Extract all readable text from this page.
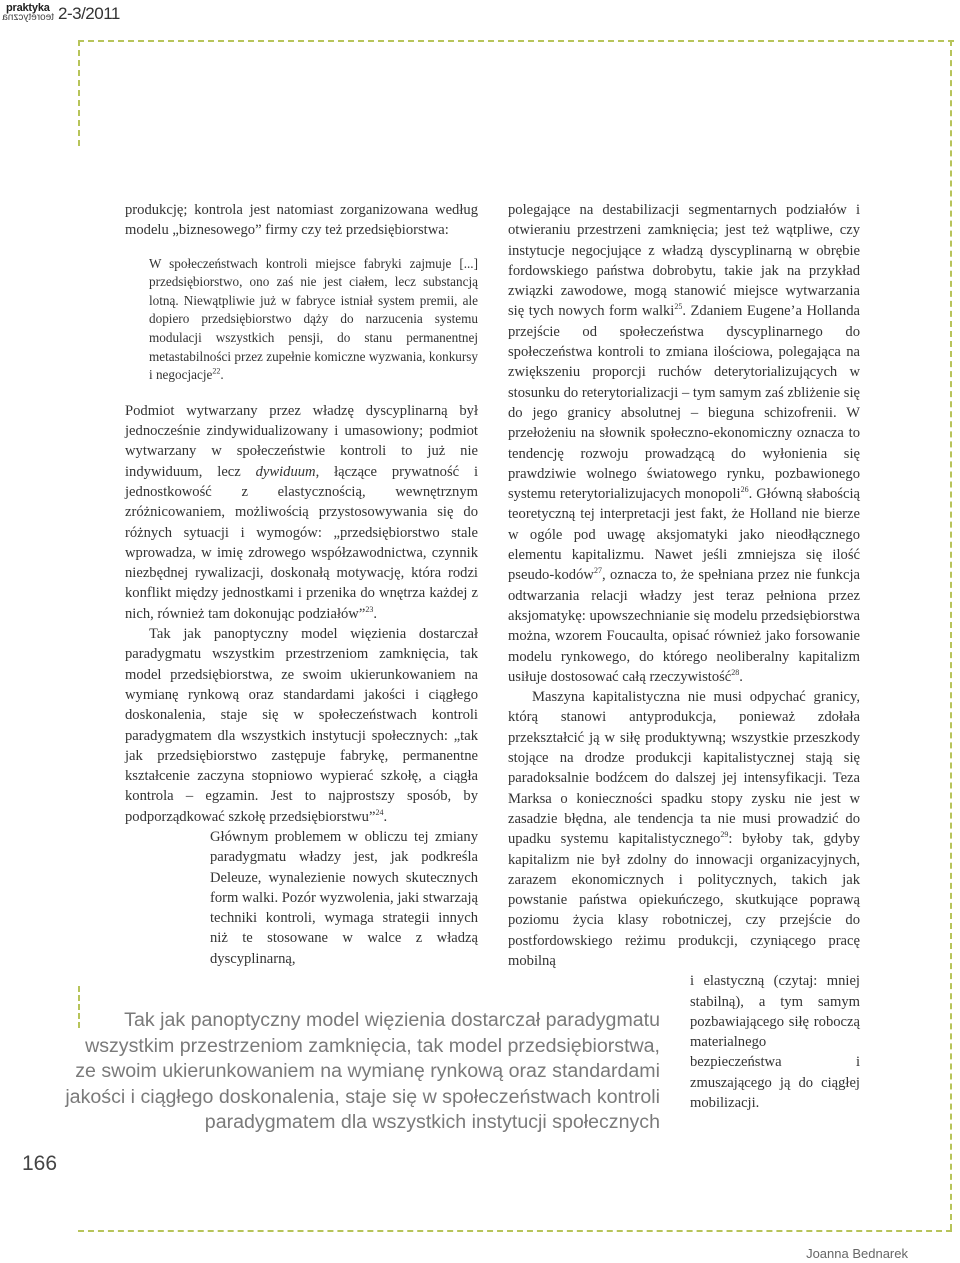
praktyka
teoretyczna 2-3/2011

produkcję; kontrola jest natomiast zorganizowana według modelu „biznesowego” firmy czy też przedsiębiorstwa:

W społeczeństwach kontroli miejsce fabryki zajmuje [...] przedsiębiorstwo, ono zaś nie jest ciałem, lecz substancją lotną. Niewątpliwie już w fabryce istniał system premii, ale dopiero przedsiębiorstwo dąży do narzucenia systemu modulacji wszystkich pensji, do stanu permanentnej metastabilności przez zupełnie komiczne wyzwania, konkursy i negocjacje$^{22}$.

Podmiot wytwarzany przez władzę dyscyplinarną był jednocześnie zindywidualizowany i umasowiony; podmiot wytwarzany w społeczeństwie kontroli to już nie indywiduum, lecz dywiduum, łączące prywatność i jednostkowość z elastycznością, wewnętrznym zróżnicowaniem, możliwością przystosowywania się do różnych sytuacji i wymogów: „przedsiębiorstwo stale wprowadza, w imię zdrowego współzawodnictwa, czynnik niezbędnej rywalizacji, doskonałą motywację, która rodzi konflikt między jednostkami i przenika do wnętrza każdej z nich, również tam dokonując podziałów”$^{23}$.

Tak jak panoptyczny model więzienia dostarczał paradygmatu wszystkim przestrzeniom zamknięcia, tak model przedsiębiorstwa, ze swoim ukierunkowaniem na wymianę rynkową oraz standardami jakości i ciągłego doskonalenia, staje się w społeczeństwach kontroli paradygmatem dla wszystkich instytucji społecznych: „tak jak przedsiębiorstwo zastępuje fabrykę, permanentne kształcenie zaczyna stopniowo wypierać szkołę, a ciągła kontrola – egzamin. Jest to najprostszy sposób, by podporządkować szkołę przedsiębiorstwu”$^{24}$.

Głównym problemem w obliczu tej zmiany paradygmatu władzy jest, jak podkreśla Deleuze, wynalezienie nowych skutecznych form walki. Pozór wyzwolenia, jaki stwarzają techniki kontroli, wymaga strategii innych niż te stosowane w walce z władzą dyscyplinarną,

polegające na destabilizacji segmentarnych podziałów i otwieraniu przestrzeni zamknięcia; jest też wątpliwe, czy instytucje negocjujące z władzą dyscyplinarną w obrębie fordowskiego państwa dobrobytu, takie jak na przykład związki zawodowe, mogą stanowić miejsce wytwarzania się tych nowych form walki$^{25}$. Zdaniem Eugene’a Hollanda przejście od społeczeństwa dyscyplinarnego do społeczeństwa kontroli to zmiana ilościowa, polegająca na zwiększeniu proporcji ruchów deterytorializujących w stosunku do reterytorializacji – tym samym zaś zbliżenie się do jego granicy absolutnej – bieguna schizofrenii. W przełożeniu na słownik społeczno-ekonomiczny oznacza to tendencję rozwoju prowadzącą do wyłonienia się prawdziwie wolnego światowego rynku, pozbawionego systemu reterytorializujacych monopoli$^{26}$. Główną słabością teoretyczną tej interpretacji jest fakt, że Holland nie bierze w ogóle pod uwagę aksjomatyki jako nieodłącznego elementu kapitalizmu. Nawet jeśli zmniejsza się ilość pseudo-kodów$^{27}$, oznacza to, że spełniana przez nie funkcja odtwarzania relacji władzy jest teraz pełniona przez aksjomatykę: upowszechnianie się modelu przedsiębiorstwa można, wzorem Foucaulta, opisać również jako forsowanie modelu rynkowego, do którego neoliberalny kapitalizm usiłuje dostosować całą rzeczywistość$^{28}$.

Maszyna kapitalistyczna nie musi odpychać granicy, którą stanowi antyprodukcja, ponieważ zdołała przekształcić ją w siłę produktywną; wszystkie przeszkody stojące na drodze produkcji kapitalistycznej stają się paradoksalnie bodźcem do dalszej jej intensyfikacji. Teza Marksa o konieczności spadku stopy zysku nie jest w zasadzie błędna, ale tendencja ta nie musi prowadzić do upadku systemu kapitalistycznego$^{29}$: byłoby tak, gdyby kapitalizm nie był zdolny do innowacji organizacyjnych, zarazem ekonomicznych i politycznych, takich jak powstanie państwa opiekuńczego, skutkujące poprawą poziomu życia klasy robotniczej, czy przejście do postfordowskiego reżimu produkcji, czyniącego pracę mobilną

i elastyczną (czytaj: mniej stabilną), a tym samym pozbawiającego siłę roboczą materialnego bezpieczeństwa i zmuszającego ją do ciągłej mobilizacji.

Tak jak panoptyczny model więzienia dostarczał paradygmatu

wszystkim przestrzeniom zamknięcia, tak model przedsiębiorstwa,

ze swoim ukierunkowaniem na wymianę rynkową oraz standardami

jakości i ciągłego doskonalenia, staje się w społeczeństwach kontroli

paradygmatem dla wszystkich instytucji społecznych

166
Joanna Bednarek
